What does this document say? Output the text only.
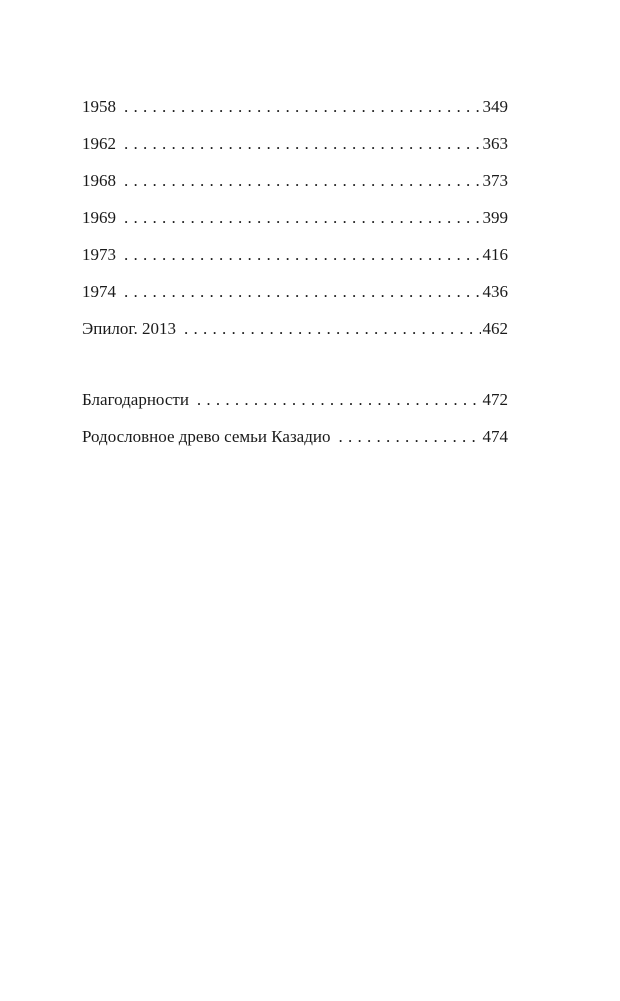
1958 . . .	349
1962 . . .	363
1968 . . .	373
1969 . . .	399
1973 . . .	416
1974 . . .	436
Эпилог. 2013 . . .	462
Благодарности . . .	472
Родословное древо семьи Казадио . . .	474
